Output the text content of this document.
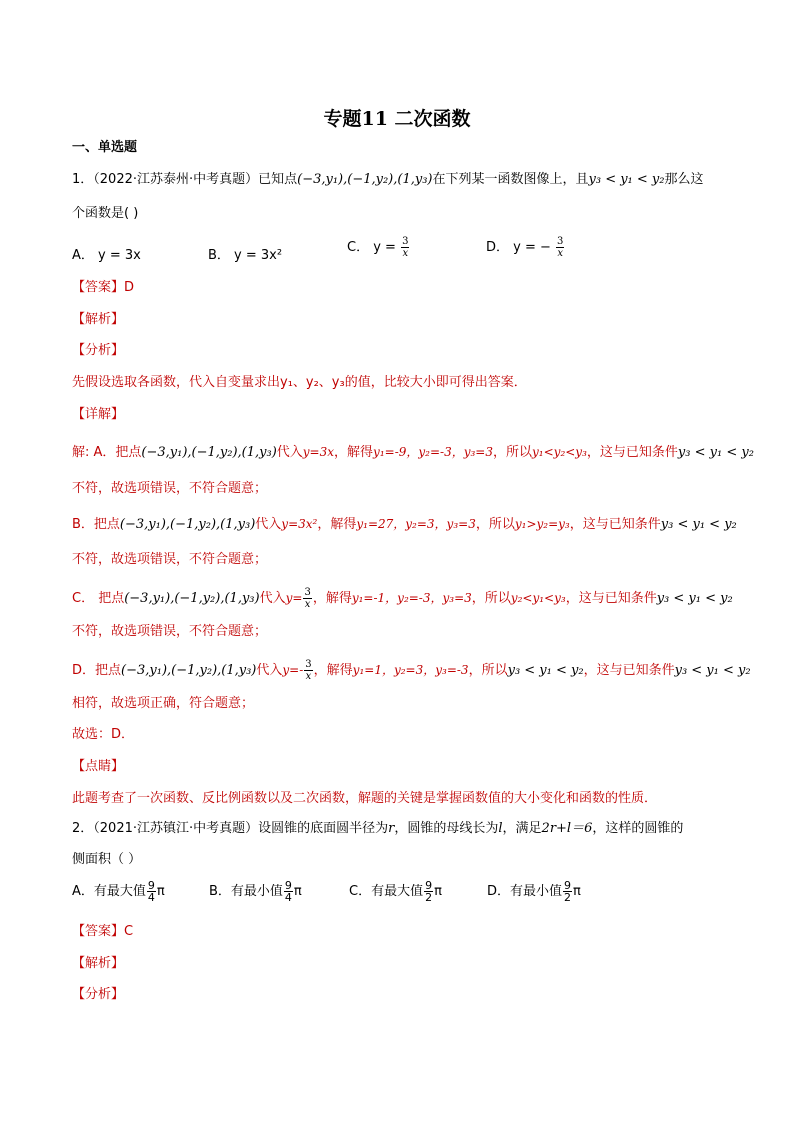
专题11 二次函数
一、单选题
1．（2022·江苏泰州·中考真题）已知点(−3,y₁),(−1,y₂),(1,y₃)在下列某一函数图像上，且y₃ < y₁ < y₂那么这
个函数是( )
A． y = 3x	B． y = 3x²
C． $y = \frac{3}{x}$	D． y = − $\frac{3}{x}$
【答案】D
【解析】
【分析】
先假设选取各函数，代入自变量求出y₁、y₂、y₃的值，比较大小即可得出答案．
【详解】
解: A．把点(−3,y₁),(−1,y₂),(1,y₃)代入y=3x，解得y₁=-9，y₂=-3，y₃=3，所以y₁<y₂<y₃，这与已知条件y₃ < y₁ < y₂
不符，故选项错误，不符合题意；
B．把点(−3,y₁),(−1,y₂),(1,y₃)代入y=3x²，解得y₁=27，y₂=3，y₃=3，所以y₁>y₂=y₃，这与已知条件y₃ < y₁ < y₂
不符，故选项错误，不符合题意；
C． 把点(−3,y₁),(−1,y₂),(1,y₃)代入$y= \frac{3}{x}$ ，解得y₁=-1，y₂=-3，y₃=3，所以y₂<y₁<y₃，这与已知条件y₃ < y₁ < y₂
不符，故选项错误，不符合题意；
D．把点(−3,y₁),(−1,y₂),(1,y₃)代入$y=- \frac{3}{x}$ ，解得y₁=1，y₂=3，y₃=-3，所以y₃ < y₁ < y₂，这与已知条件y₃ < y₁ < y₂
相符，故选项正确，符合题意；
故选：D．
【点睛】
此题考查了一次函数、反比例函数以及二次函数，解题的关键是掌握函数值的大小变化和函数的性质．
2．（2021·江苏镇江·中考真题）设圆锥的底面圆半径为r，圆锥的母线长为l，满足2r+l＝6，这样的圆锥的
侧面积（ ）
A．有最大值 $\frac{9}{4}$ π	B．有最小值 $\frac{9}{4}$ π	C．有最大值 $\frac{9}{2}$ π	D．有最小值 $\frac{9}{2}$ π
【答案】C
【解析】
【分析】
